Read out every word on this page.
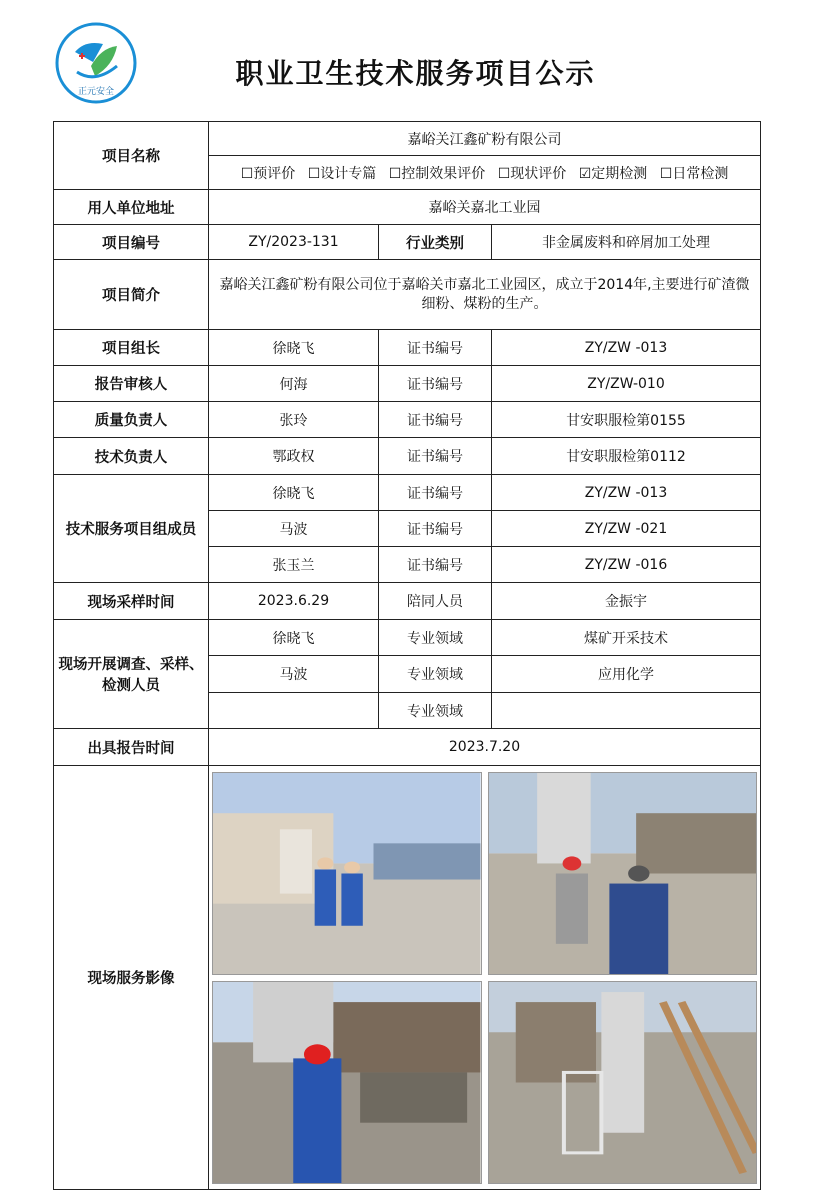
正元安全
职业卫生技术服务项目公示
项目名称	嘉峪关江鑫矿粉有限公司		
	☐预评价 ☐设计专篇 ☐控制效果评价 ☐现状评价 ☑定期检测 ☐日常检测		
用人单位地址	嘉峪关嘉北工业园		
项目编号	ZY/2023-131	行业类别	非金属废料和碎屑加工处理
项目简介	嘉峪关江鑫矿粉有限公司位于嘉峪关市嘉北工业园区，成立于2014年,主要进行矿渣微细粉、煤粉的生产。		
项目组长	徐晓飞	证书编号	ZY/ZW -013
报告审核人	何海	证书编号	ZY/ZW-010
质量负责人	张玲	证书编号	甘安职服检第0155
技术负责人	鄂政权	证书编号	甘安职服检第0112
技术服务项目组成员	徐晓飞	证书编号	ZY/ZW -013
	马波	证书编号	ZY/ZW -021
	张玉兰	证书编号	ZY/ZW -016
现场采样时间	2023.6.29	陪同人员	金振宇
现场开展调查、采样、检测人员	徐晓飞	专业领域	煤矿开采技术
	马波	专业领域	应用化学
		专业领域	
出具报告时间	2023.7.20		
现场服务影像	
